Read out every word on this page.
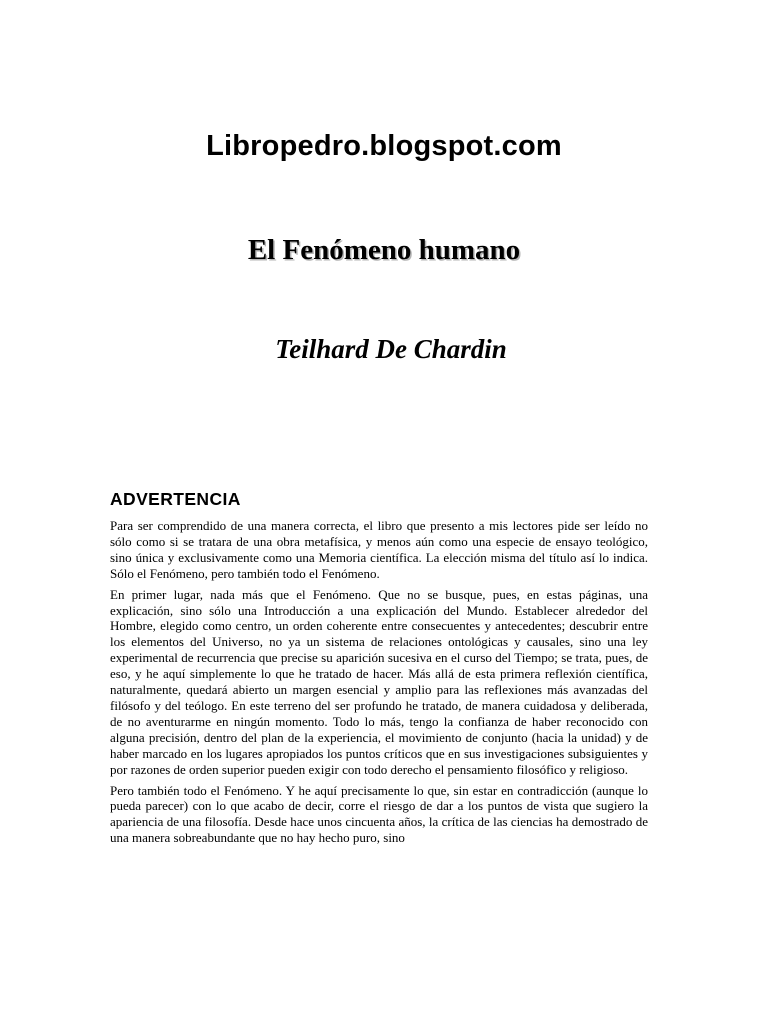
Libropedro.blogspot.com
El Fenómeno humano
Teilhard De Chardin
ADVERTENCIA

Para ser comprendido de una manera correcta, el libro que presento a mis lectores pide ser leído no sólo como si se tratara de una obra metafísica, y menos aún como una especie de ensayo teológico, sino única y exclusivamente como una Memoria científica. La elección misma del título así lo indica. Sólo el Fenómeno, pero también todo el Fenómeno.

En primer lugar, nada más que el Fenómeno. Que no se busque, pues, en estas páginas, una explicación, sino sólo una Introducción a una explicación del Mundo. Establecer alrededor del Hombre, elegido como centro, un orden coherente entre consecuentes y antecedentes; descubrir entre los elementos del Universo, no ya un sistema de relaciones ontológicas y causales, sino una ley experimental de recurrencia que precise su aparición sucesiva en el curso del Tiempo; se trata, pues, de eso, y he aquí simplemente lo que he tratado de hacer. Más allá de esta primera reflexión científica, naturalmente, quedará abierto un margen esencial y amplio para las reflexiones más avanzadas del filósofo y del teólogo. En este terreno del ser profundo he tratado, de manera cuidadosa y deliberada, de no aventurarme en ningún momento. Todo lo más, tengo la confianza de haber reconocido con alguna precisión, dentro del plan de la experiencia, el movimiento de conjunto (hacia la unidad) y de haber marcado en los lugares apropiados los puntos críticos que en sus investigaciones subsiguientes y por razones de orden superior pueden exigir con todo derecho el pensamiento filosófico y religioso.

Pero también todo el Fenómeno. Y he aquí precisamente lo que, sin estar en contradicción (aunque lo pueda parecer) con lo que acabo de decir, corre el riesgo de dar a los puntos de vista que sugiero la apariencia de una filosofía. Desde hace unos cincuenta años, la crítica de las ciencias ha demostrado de una manera sobreabundante que no hay hecho puro, sino
